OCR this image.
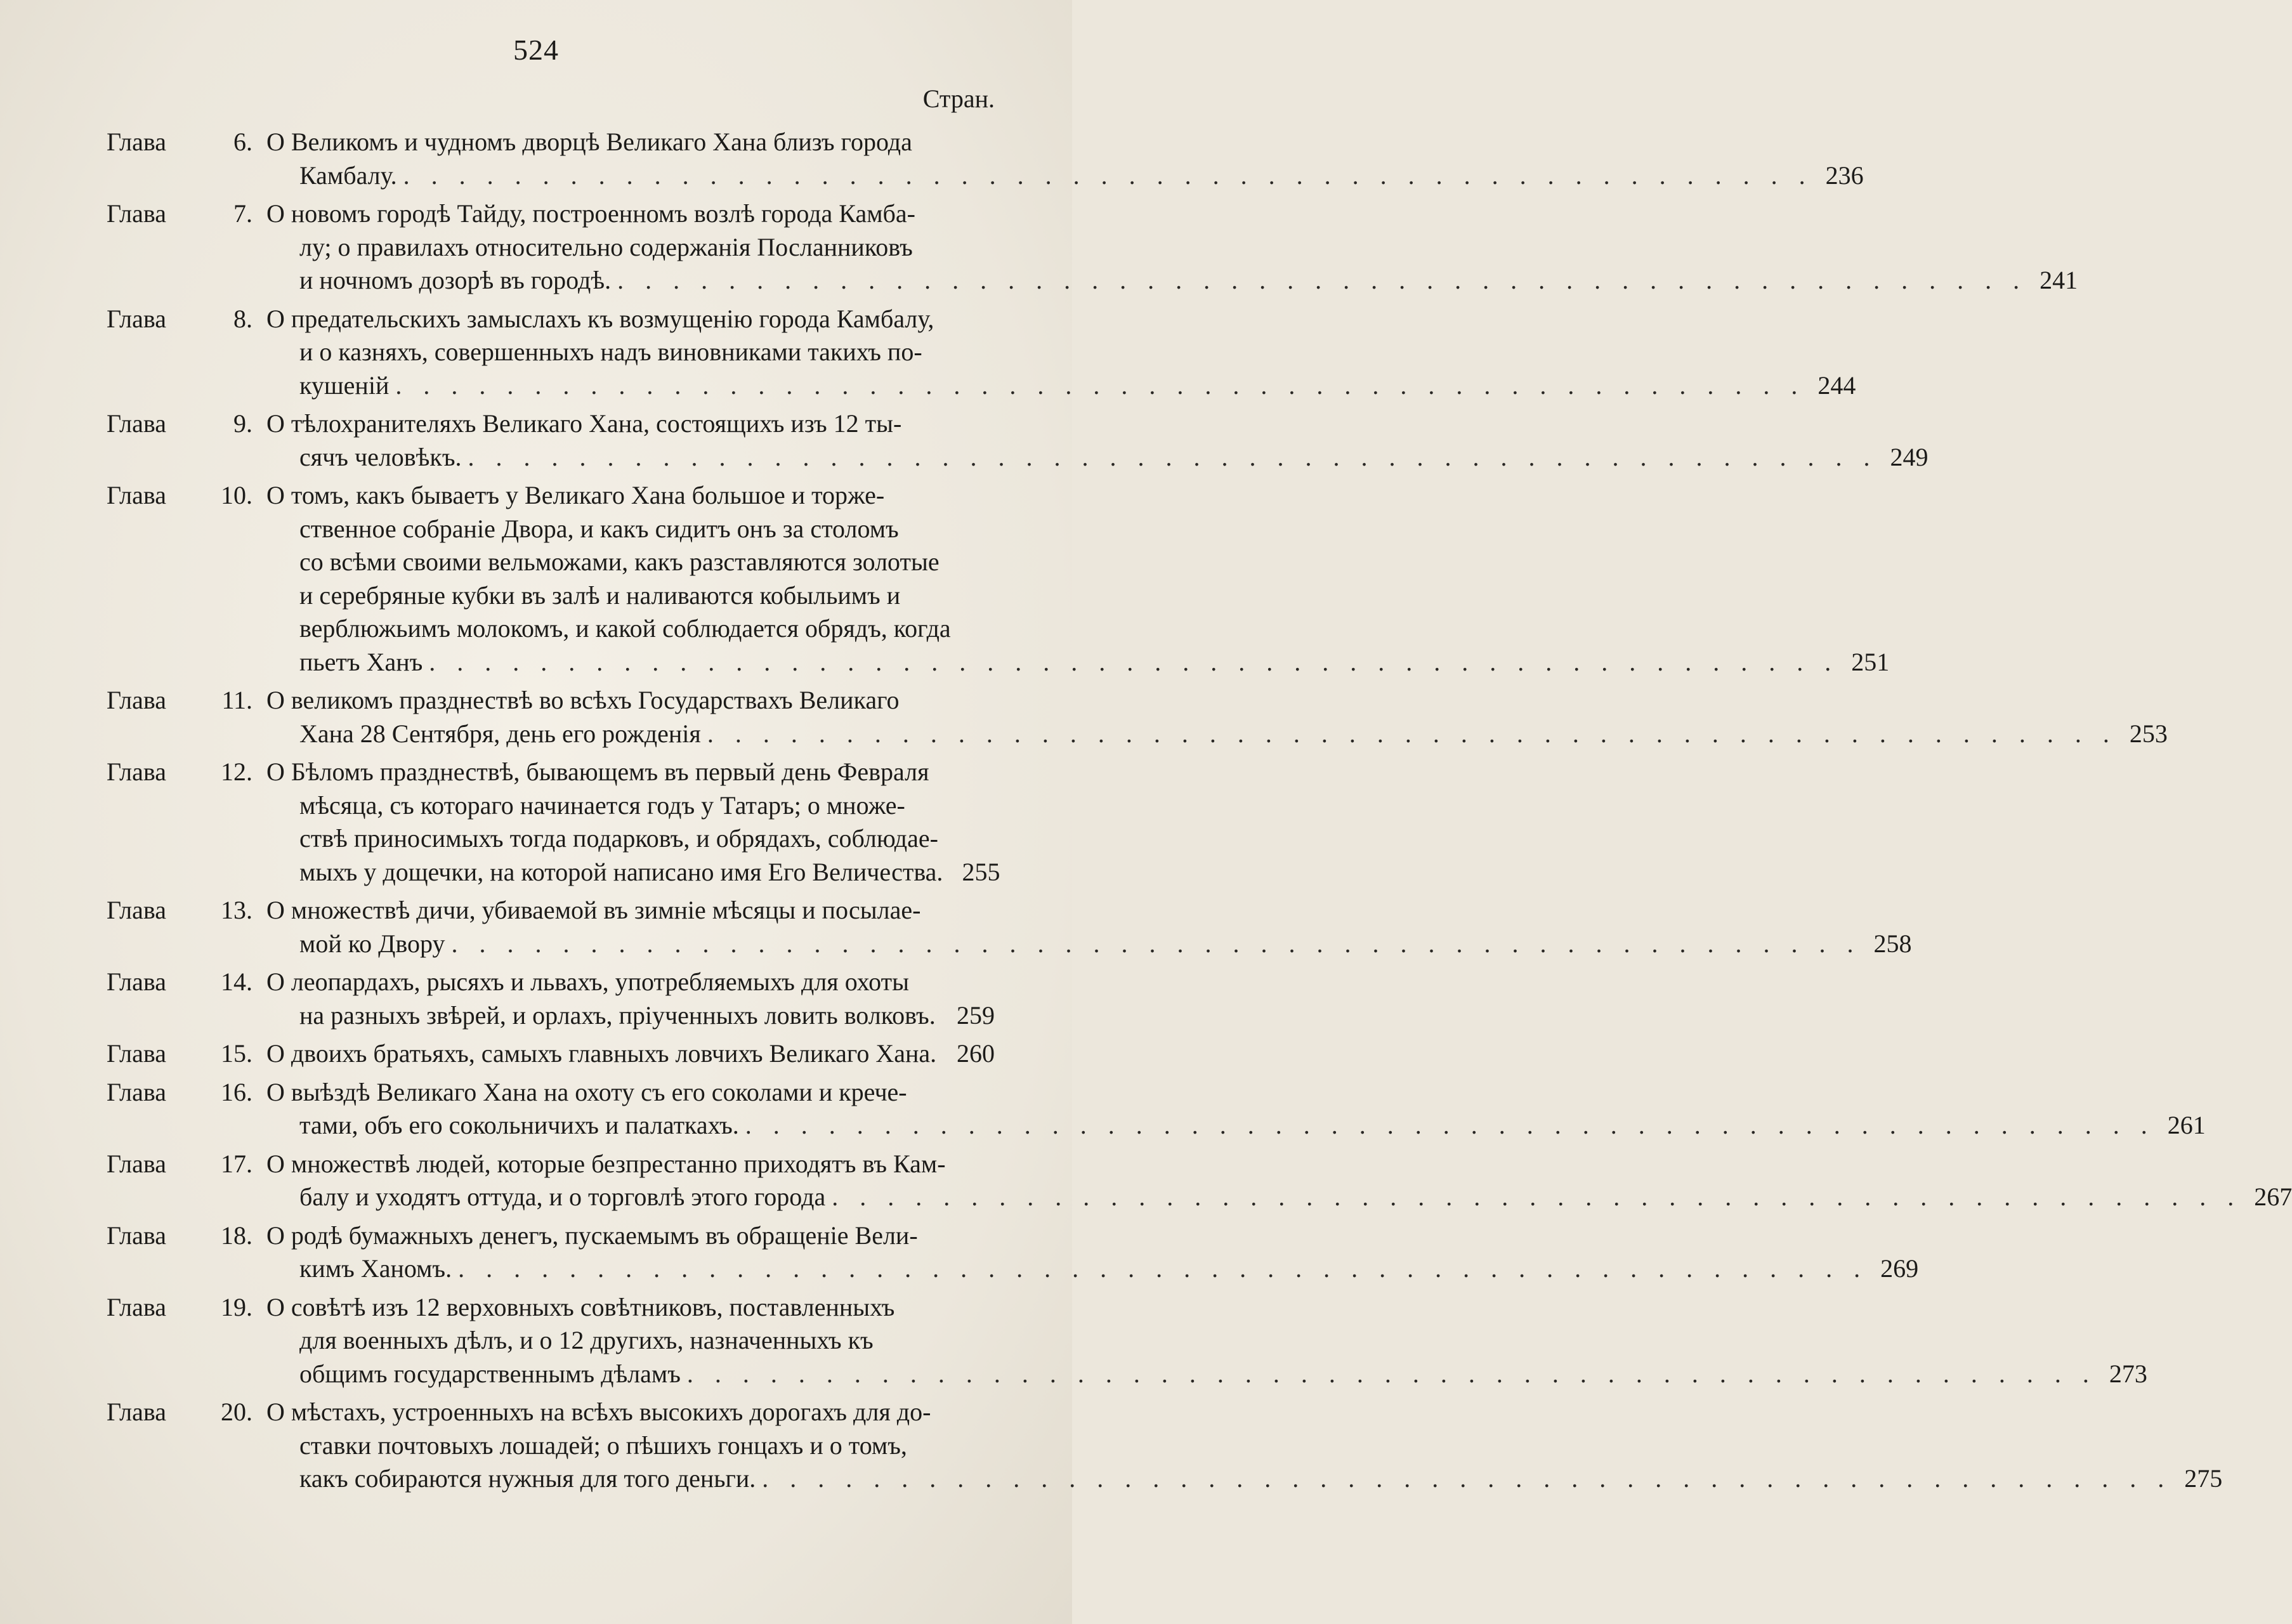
524
Стран.
Глава	6. О Великомъ и чудномъ дворцѣ Великаго Хана близъ города
Камбалу. . . . . . . . . . . . . . . . . . . . . . . . . . . . . . . . . . . . . . . . . . . . . . . . . . . . 236
Глава	7. О новомъ городѣ Тайду, построенномъ возлѣ города Камба-
лу; о правилахъ относительно содержанія Посланниковъ
и ночномъ дозорѣ въ городѣ. . . . . . . . . . . . . . . . . . . . . . . . . . . . . . . . . . . . . . . . . . . . . . . . . . . . 241
Глава	8. О предательскихъ замыслахъ къ возмущенію города Камбалу,
и о казняхъ, совершенныхъ надъ виновниками такихъ по-
кушеній . . . . . . . . . . . . . . . . . . . . . . . . . . . . . . . . . . . . . . . . . . . . . . . . . . . 244
Глава	9. О тѣлохранителяхъ Великаго Хана, состоящихъ изъ 12 ты-
сячъ человѣкъ. . . . . . . . . . . . . . . . . . . . . . . . . . . . . . . . . . . . . . . . . . . . . . . . . . . . 249
Глава 10. О томъ, какъ бываетъ у Великаго Хана большое и торже-
ственное собраніе Двора, и какъ сидитъ онъ за столомъ
со всѣми своими вельможами, какъ разставляются золотые
и серебряные кубки въ залѣ и наливаются кобыльимъ и
верблюжьимъ молокомъ, и какой соблюдается обрядъ, когда
пьетъ Ханъ . . . . . . . . . . . . . . . . . . . . . . . . . . . . . . . . . . . . . . . . . . . . . . . . . . . 251
Глава 11. О великомъ празднествѣ во всѣхъ Государствахъ Великаго
Хана 28 Сентября, день его рожденія . . . . . . . . . . . . . . . . . . . . . . . . . . . . . . . . . . . . . . . . . . . . . . . . . . . 253
Глава 12. О Бѣломъ празднествѣ, бывающемъ въ первый день Февраля
мѣсяца, съ котораго начинается годъ у Татаръ; о множе-
ствѣ приносимыхъ тогда подарковъ, и обрядахъ, соблюдае-
мыхъ у дощечки, на которой написано имя Его Величества. 255
Глава 13. О множествѣ дичи, убиваемой въ зимніе мѣсяцы и посылае-
мой ко Двору . . . . . . . . . . . . . . . . . . . . . . . . . . . . . . . . . . . . . . . . . . . . . . . . . . . 258
Глава 14. О леопардахъ, рысяхъ и львахъ, употребляемыхъ для охоты
на разныхъ звѣрей, и орлахъ, пріученныхъ ловить волковъ. 259
Глава 15. О двоихъ братьяхъ, самыхъ главныхъ ловчихъ Великаго Хана. 260
Глава 16. О выѣздѣ Великаго Хана на охоту съ его соколами и крече-
тами, объ его сокольничихъ и палаткахъ. . . . . . . . . . . . . . . . . . . . . . . . . . . . . . . . . . . . . . . . . . . . . . . . . . . . 261
Глава 17. О множествѣ людей, которые безпрестанно приходятъ въ Кам-
балу и уходятъ оттуда, и о торговлѣ этого города . . . . . . . . . . . . . . . . . . . . . . . . . . . . . . . . . . . . . . . . . . . . . . . . . . . 267
Глава 18. О родѣ бумажныхъ денегъ, пускаемымъ въ обращеніе Вели-
кимъ Ханомъ. . . . . . . . . . . . . . . . . . . . . . . . . . . . . . . . . . . . . . . . . . . . . . . . . . . . 269
Глава 19. О совѣтѣ изъ 12 верховныхъ совѣтниковъ, поставленныхъ
для военныхъ дѣлъ, и о 12 другихъ, назначенныхъ къ
общимъ государственнымъ дѣламъ . . . . . . . . . . . . . . . . . . . . . . . . . . . . . . . . . . . . . . . . . . . . . . . . . . . 273
Глава 20. О мѣстахъ, устроенныхъ на всѣхъ высокихъ дорогахъ для до-
ставки почтовыхъ лошадей; о пѣшихъ гонцахъ и о томъ,
какъ собираются нужныя для того деньги. . . . . . . . . . . . . . . . . . . . . . . . . . . . . . . . . . . . . . . . . . . . . . . . . . . . 275
